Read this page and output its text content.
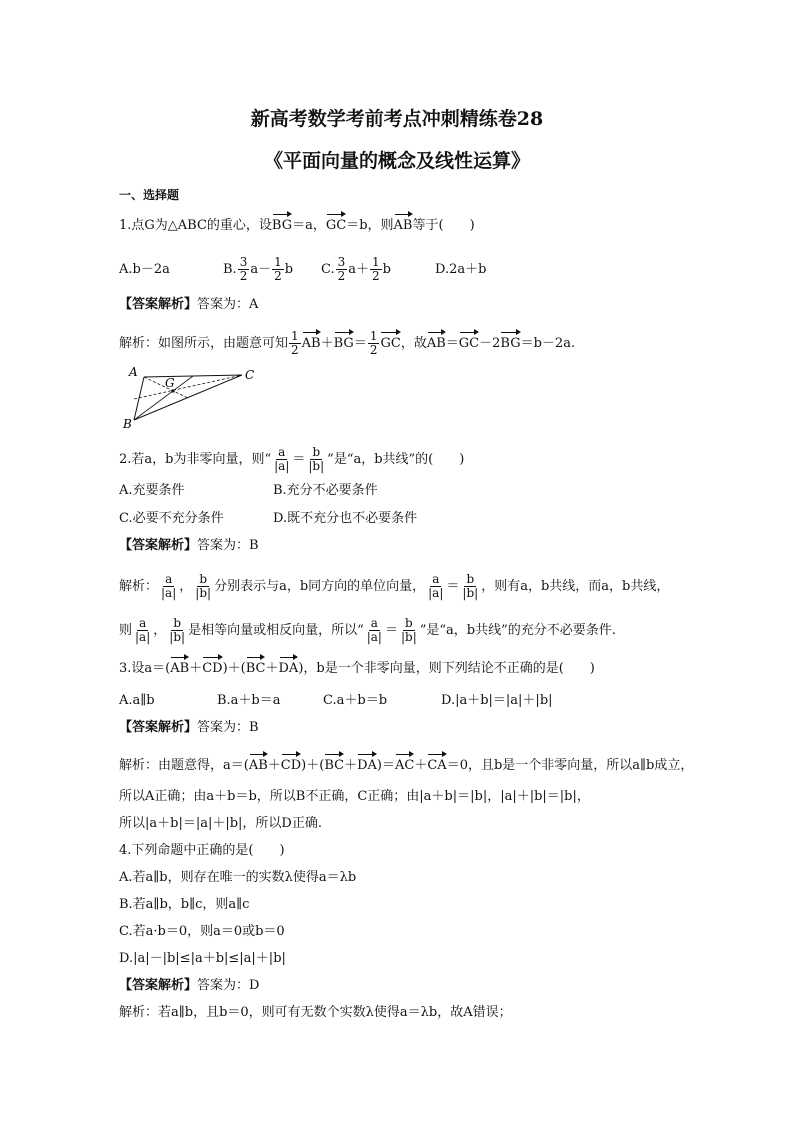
新高考数学考前考点冲刺精练卷28
《平面向量的概念及线性运算》
一、选择题
1.点G为△ABC的重心，设BG＝a，GC＝b，则AB等于(　　)
A.b－2a	B. $\frac{3}{2} a- \frac{1}{2}$ b C. $\frac{3}{2} a+ \frac{1}{2}$ b	D.2a＋b
【答案解析】答案为：A
解析：如图所示，由题意可知 $\frac{1}{2} AB+BG= \frac{1}{2}$ GC，故AB＝GC－2BG＝b－2a.
A
B
C
G
2.若a，b为非零向量，则“ $\frac{a}{|a|} = \frac{b}{|b|}$ ”是“a，b共线”的(　　)
A.充要条件	B.充分不必要条件
C.必要不充分条件	D.既不充分也不必要条件
【答案解析】答案为：B
解析： $\frac{a}{|a|}$ ， $\frac{b}{|b|}$ 分别表示与a，b同方向的单位向量， $\frac{a}{|a|} = \frac{b}{|b|}$ ，则有a，b共线，而a，b共线，
则 $\frac{a}{|a|}$ ， $\frac{b}{|b|}$ 是相等向量或相反向量，所以“ $\frac{a}{|a|} = \frac{b}{|b|}$ ”是“a，b共线”的充分不必要条件.
3.设a＝(AB＋CD)＋(BC＋DA)，b是一个非零向量，则下列结论不正确的是(　　)
A.a∥b	B.a＋b＝a	C.a＋b＝b	D.|a＋b|＝|a|＋|b|
【答案解析】答案为：B
解析：由题意得，a＝(AB＋CD)＋(BC＋DA)＝AC＋CA＝0，且b是一个非零向量，所以a∥b成立，
所以A正确；由a＋b＝b，所以B不正确，C正确；由|a＋b|＝|b|，|a|＋|b|＝|b|，
所以|a＋b|＝|a|＋|b|，所以D正确.
4.下列命题中正确的是(　　)
A.若a∥b，则存在唯一的实数λ使得a＝λb
B.若a∥b，b∥c，则a∥c
C.若a·b＝0，则a＝0或b＝0
D.|a|－|b|≤|a＋b|≤|a|＋|b|
【答案解析】答案为：D
解析：若a∥b，且b＝0，则可有无数个实数λ使得a＝λb，故A错误；
